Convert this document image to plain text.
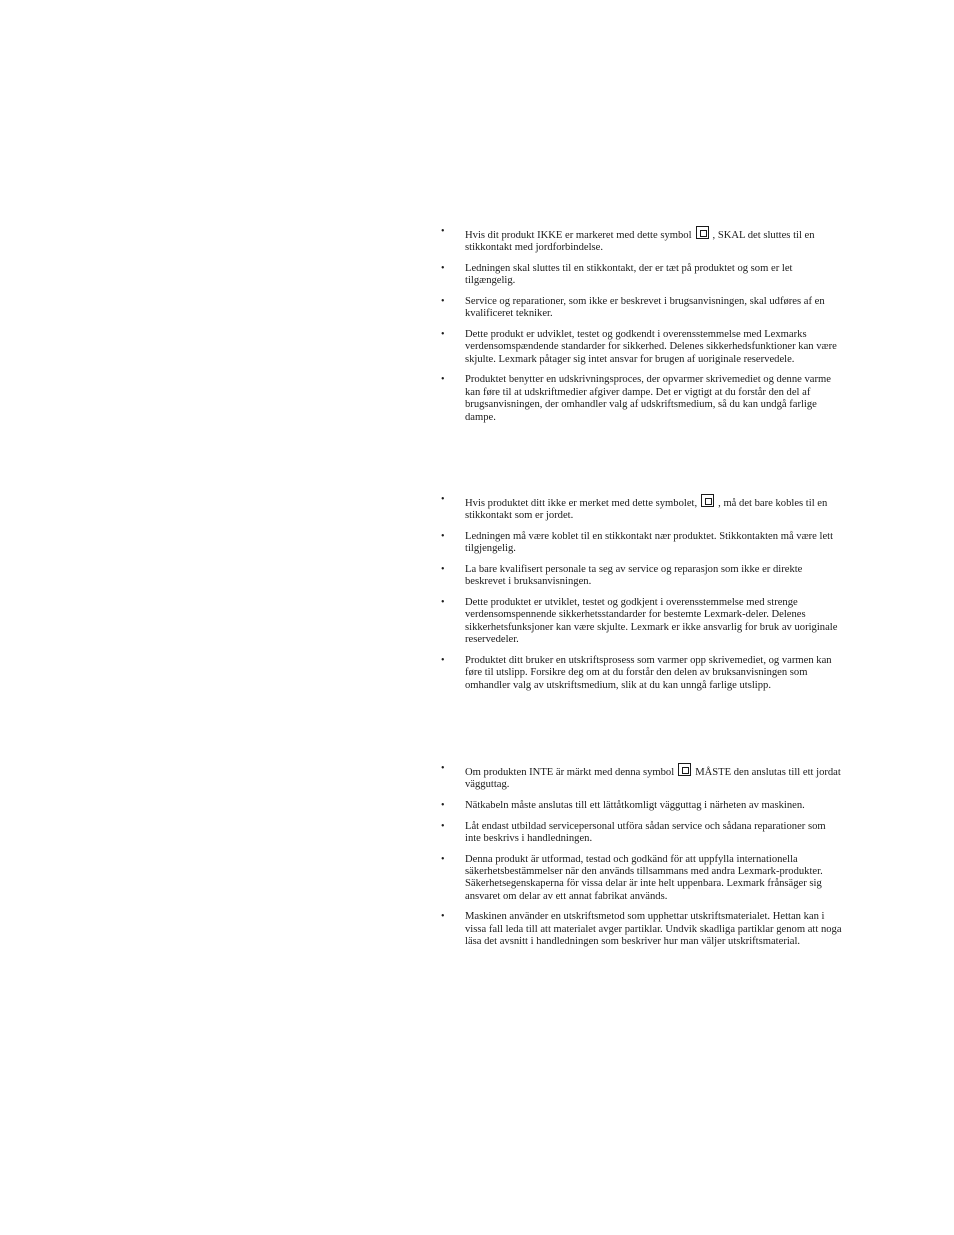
• Hvis dit produkt IKKE er markeret med dette symbol , SKAL det sluttes til en stikkontakt med jordforbindelse.
• Ledningen skal sluttes til en stikkontakt, der er tæt på produktet og som er let tilgængelig.
• Service og reparationer, som ikke er beskrevet i brugsanvisningen, skal udføres af en kvalificeret tekniker.
• Dette produkt er udviklet, testet og godkendt i overensstemmelse med Lexmarks verdensomspændende standarder for sikkerhed. Delenes sikkerhedsfunktioner kan være skjulte. Lexmark påtager sig intet ansvar for brugen af uoriginale reservedele.
• Produktet benytter en udskrivningsproces, der opvarmer skrivemediet og denne varme kan føre til at udskriftmedier afgiver dampe. Det er vigtigt at du forstår den del af brugsanvisningen, der omhandler valg af udskriftsmedium, så du kan undgå farlige dampe.
• Hvis produktet ditt ikke er merket med dette symbolet, , må det bare kobles til en stikkontakt som er jordet.
• Ledningen må være koblet til en stikkontakt nær produktet. Stikkontakten må være lett tilgjengelig.
• La bare kvalifisert personale ta seg av service og reparasjon som ikke er direkte beskrevet i bruksanvisningen.
• Dette produktet er utviklet, testet og godkjent i overensstemmelse med strenge verdensomspennende sikkerhetsstandarder for bestemte Lexmark-deler. Delenes sikkerhetsfunksjoner kan være skjulte. Lexmark er ikke ansvarlig for bruk av uoriginale reservedeler.
• Produktet ditt bruker en utskriftsprosess som varmer opp skrivemediet, og varmen kan føre til utslipp. Forsikre deg om at du forstår den delen av bruksanvisningen som omhandler valg av utskriftsmedium, slik at du kan unngå farlige utslipp.
• Om produkten INTE är märkt med denna symbol MÅSTE den anslutas till ett jordat vägguttag.
• Nätkabeln måste anslutas till ett lättåtkomligt vägguttag i närheten av maskinen.
• Låt endast utbildad servicepersonal utföra sådan service och sådana reparationer som inte beskrivs i handledningen.
• Denna produkt är utformad, testad och godkänd för att uppfylla internationella säkerhetsbestämmelser när den används tillsammans med andra Lexmark-produkter. Säkerhetsegenskaperna för vissa delar är inte helt uppenbara. Lexmark frånsäger sig ansvaret om delar av ett annat fabrikat används.
• Maskinen använder en utskriftsmetod som upphettar utskriftsmaterialet. Hettan kan i vissa fall leda till att materialet avger partiklar. Undvik skadliga partiklar genom att noga läsa det avsnitt i handledningen som beskriver hur man väljer utskriftsmaterial.
